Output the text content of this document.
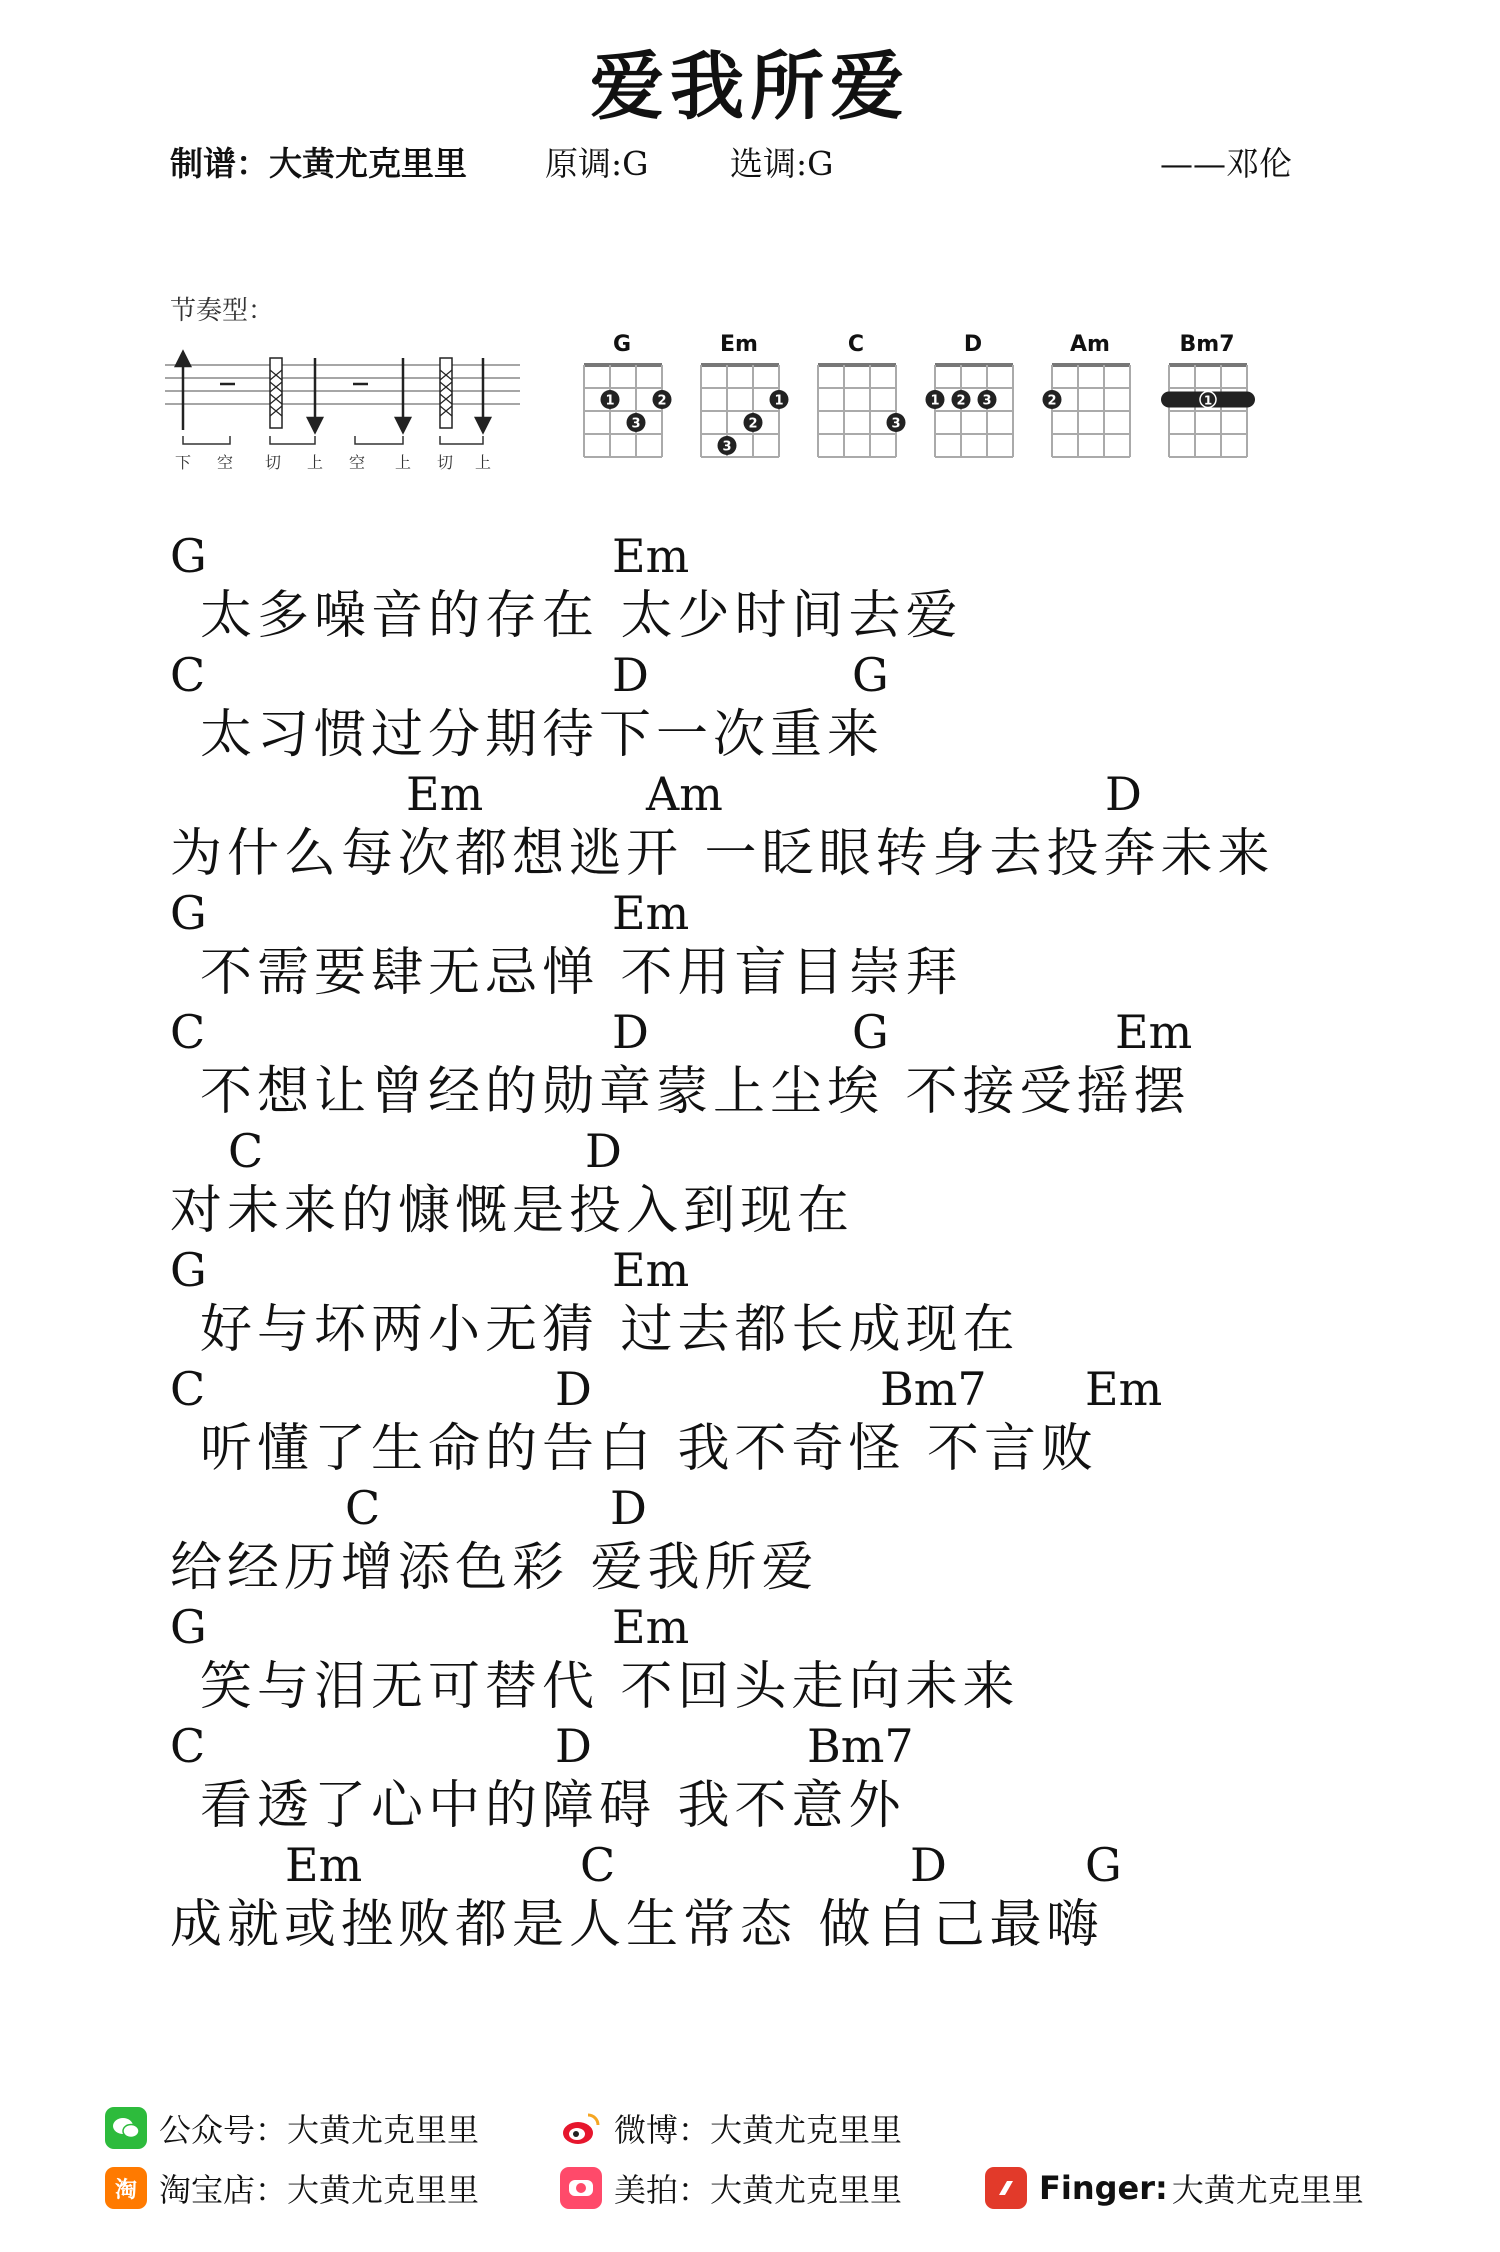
爱我所爱
制谱：大黄尤克里里 原调:G 选调:G	——邓伦
节奏型：
下 空 切 上 空 上 切 上
G
1	2
3
Em
1
2
3
C
3
D
1 2 3
Am
2
Bm7
1
G	Em
太多噪音的存在 太少时间去爱
C	D	G
太习惯过分期待下一次重来
Em	Am	D
为什么每次都想逃开 一眨眼转身去投奔未来
G	Em
不需要肆无忌惮 不用盲目崇拜
C	D	G	Em
不想让曾经的勋章蒙上尘埃 不接受摇摆
C	D
对未来的慷慨是投入到现在
G	Em
好与坏两小无猜 过去都长成现在
C	D	Bm7 Em
听懂了生命的告白 我不奇怪 不言败
C	D
给经历增添色彩 爱我所爱
G	Em
笑与泪无可替代 不回头走向未来
C	D	Bm7
看透了心中的障碍 我不意外
Em	C	D	G
成就或挫败都是人生常态 做自己最嗨
公众号：大黄尤克里里	微博：大黄尤克里里
淘 淘宝店：大黄尤克里里	美拍：大黄尤克里里	Finger: 大黄尤克里里
